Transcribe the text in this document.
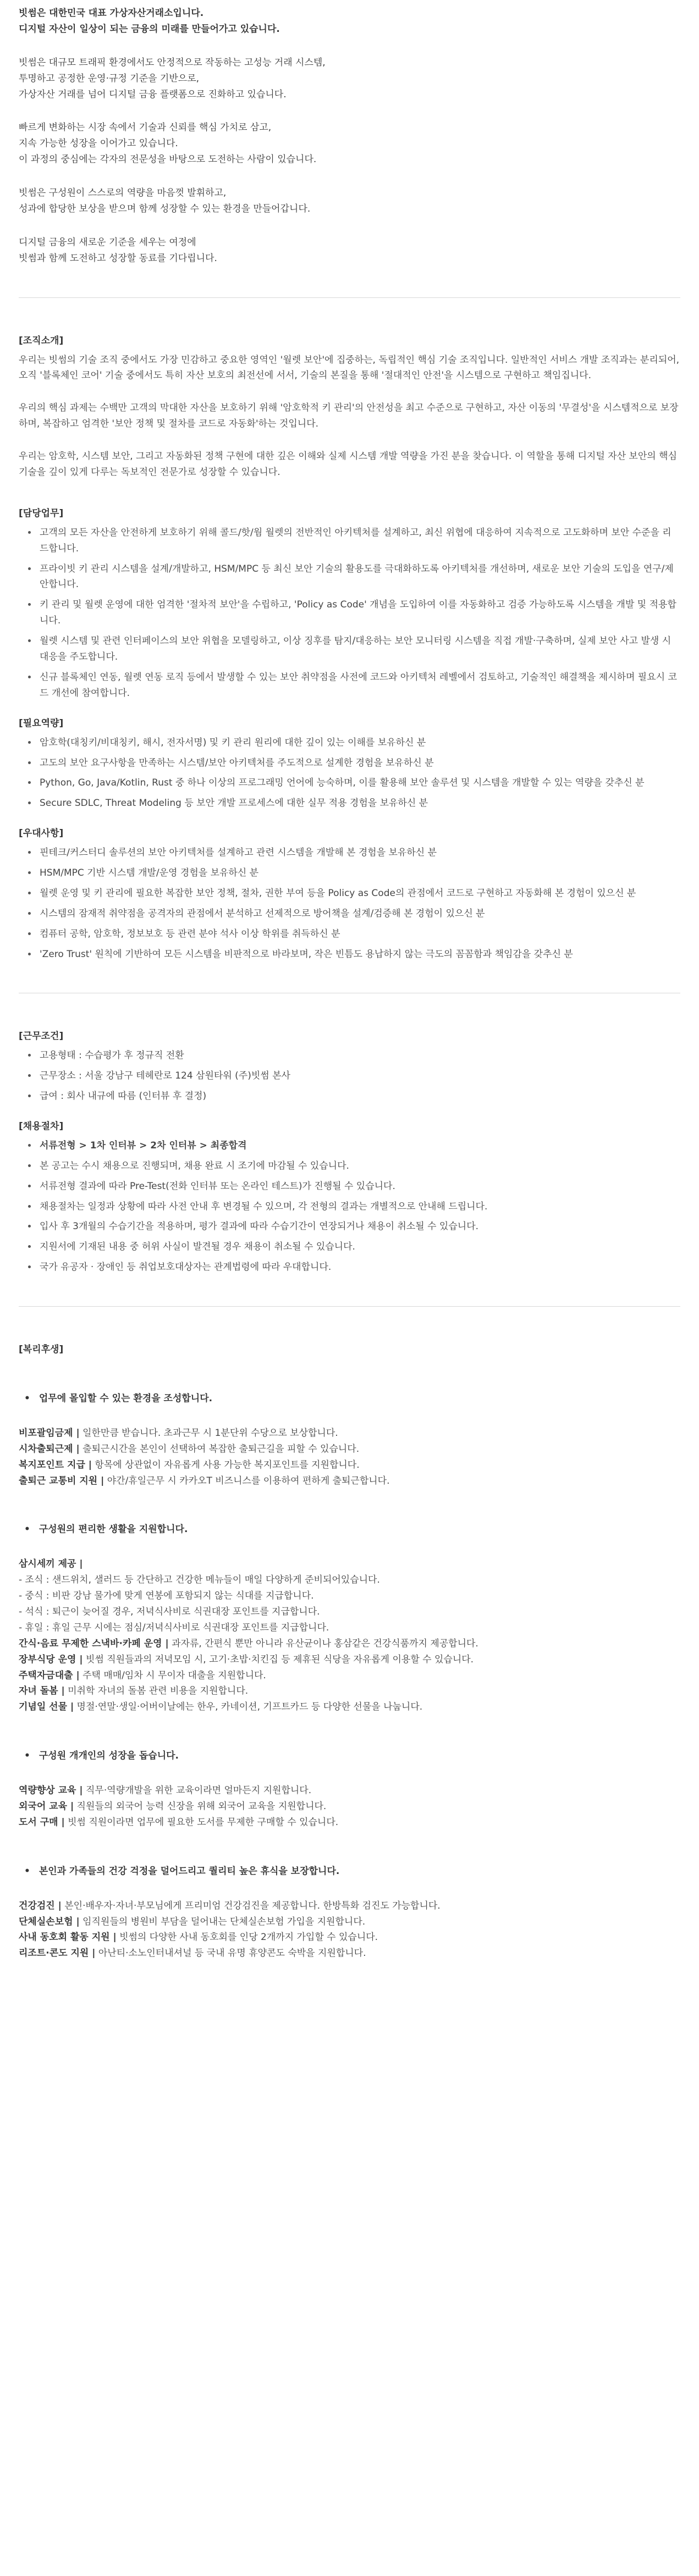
빗썸은 대한민국 대표 가상자산거래소입니다.
디지털 자산이 일상이 되는 금융의 미래를 만들어가고 있습니다.

빗썸은 대규모 트래픽 환경에서도 안정적으로 작동하는 고성능 거래 시스템,
투명하고 공정한 운영·규정 기준을 기반으로,
가상자산 거래를 넘어 디지털 금융 플랫폼으로 진화하고 있습니다.

빠르게 변화하는 시장 속에서 기술과 신뢰를 핵심 가치로 삼고,
지속 가능한 성장을 이어가고 있습니다.
이 과정의 중심에는 각자의 전문성을 바탕으로 도전하는 사람이 있습니다.

빗썸은 구성원이 스스로의 역량을 마음껏 발휘하고,
성과에 합당한 보상을 받으며 함께 성장할 수 있는 환경을 만들어갑니다.

디지털 금융의 새로운 기준을 세우는 여정에
빗썸과 함께 도전하고 성장할 동료를 기다립니다.

[조직소개]

우리는 빗썸의 기술 조직 중에서도 가장 민감하고 중요한 영역인 '월렛 보안'에 집중하는, 독립적인 핵심 기술 조직입니다. 일반적인 서비스 개발 조직과는 분리되어, 오직 '블록체인 코어' 기술 중에서도 특히 자산 보호의 최전선에 서서, 기술의 본질을 통해 '절대적인 안전'을 시스템으로 구현하고 책임집니다.

우리의 핵심 과제는 수백만 고객의 막대한 자산을 보호하기 위해 '암호학적 키 관리'의 안전성을 최고 수준으로 구현하고, 자산 이동의 '무결성'을 시스템적으로 보장하며, 복잡하고 엄격한 '보안 정책 및 절차를 코드로 자동화'하는 것입니다.

우리는 암호학, 시스템 보안, 그리고 자동화된 정책 구현에 대한 깊은 이해와 실제 시스템 개발 역량을 가진 분을 찾습니다. 이 역할을 통해 디지털 자산 보안의 핵심 기술을 깊이 있게 다루는 독보적인 전문가로 성장할 수 있습니다.

[담당업무]
• 고객의 모든 자산을 안전하게 보호하기 위해 콜드/핫/웜 월렛의 전반적인 아키텍처를 설계하고, 최신 위협에 대응하여 지속적으로 고도화하며 보안 수준을 리드합니다.
• 프라이빗 키 관리 시스템을 설계/개발하고, HSM/MPC 등 최신 보안 기술의 활용도를 극대화하도록 아키텍처를 개선하며, 새로운 보안 기술의 도입을 연구/제안합니다.
• 키 관리 및 월렛 운영에 대한 엄격한 '절차적 보안'을 수립하고, 'Policy as Code' 개념을 도입하여 이를 자동화하고 검증 가능하도록 시스템을 개발 및 적용합니다.
• 월렛 시스템 및 관련 인터페이스의 보안 위협을 모델링하고, 이상 징후를 탐지/대응하는 보안 모니터링 시스템을 직접 개발·구축하며, 실제 보안 사고 발생 시 대응을 주도합니다.
• 신규 블록체인 연동, 월렛 연동 로직 등에서 발생할 수 있는 보안 취약점을 사전에 코드와 아키텍처 레벨에서 검토하고, 기술적인 해결책을 제시하며 필요시 코드 개선에 참여합니다.
[필요역량]
• 암호학(대칭키/비대칭키, 해시, 전자서명) 및 키 관리 원리에 대한 깊이 있는 이해를 보유하신 분
• 고도의 보안 요구사항을 만족하는 시스템/보안 아키텍처를 주도적으로 설계한 경험을 보유하신 분
• Python, Go, Java/Kotlin, Rust 중 하나 이상의 프로그래밍 언어에 능숙하며, 이를 활용해 보안 솔루션 및 시스템을 개발할 수 있는 역량을 갖추신 분
• Secure SDLC, Threat Modeling 등 보안 개발 프로세스에 대한 실무 적용 경험을 보유하신 분
[우대사항]
• 핀테크/커스터디 솔루션의 보안 아키텍처를 설계하고 관련 시스템을 개발해 본 경험을 보유하신 분
• HSM/MPC 기반 시스템 개발/운영 경험을 보유하신 분
• 월렛 운영 및 키 관리에 필요한 복잡한 보안 정책, 절차, 권한 부여 등을 Policy as Code의 관점에서 코드로 구현하고 자동화해 본 경험이 있으신 분
• 시스템의 잠재적 취약점을 공격자의 관점에서 분석하고 선제적으로 방어책을 설계/검증해 본 경험이 있으신 분
• 컴퓨터 공학, 암호학, 정보보호 등 관련 분야 석사 이상 학위를 취득하신 분
• 'Zero Trust' 원칙에 기반하여 모든 시스템을 비판적으로 바라보며, 작은 빈틈도 용납하지 않는 극도의 꼼꼼함과 책임감을 갖추신 분
[근무조건]
• 고용형태 : 수습평가 후 정규직 전환
• 근무장소 : 서울 강남구 테헤란로 124 삼원타워 (주)빗썸 본사
• 급여 : 회사 내규에 따름 (인터뷰 후 결정)
[채용절차]
• 서류전형 > 1차 인터뷰 > 2차 인터뷰 > 최종합격
• 본 공고는 수시 채용으로 진행되며, 채용 완료 시 조기에 마감될 수 있습니다.
• 서류전형 결과에 따라 Pre-Test(전화 인터뷰 또는 온라인 테스트)가 진행될 수 있습니다.
• 채용절차는 일정과 상황에 따라 사전 안내 후 변경될 수 있으며, 각 전형의 결과는 개별적으로 안내해 드립니다.
• 입사 후 3개월의 수습기간을 적용하며, 평가 결과에 따라 수습기간이 연장되거나 채용이 취소될 수 있습니다.
• 지원서에 기재된 내용 중 허위 사실이 발견될 경우 채용이 취소될 수 있습니다.
• 국가 유공자 · 장애인 등 취업보호대상자는 관계법령에 따라 우대합니다.
[복리후생]
• 업무에 몰입할 수 있는 환경을 조성합니다.

비포괄임금제 | 일한만큼 받습니다. 초과근무 시 1분단위 수당으로 보상합니다.

시차출퇴근제 | 출퇴근시간을 본인이 선택하여 복잡한 출퇴근길을 피할 수 있습니다.

복지포인트 지급 | 항목에 상관없이 자유롭게 사용 가능한 복지포인트를 지원합니다.

출퇴근 교통비 지원 | 야간/휴일근무 시 카카오T 비즈니스를 이용하여 편하게 출퇴근합니다.

• 구성원의 편리한 생활을 지원합니다.

삼시세끼 제공 |

- 조식 : 샌드위치, 샐러드 등 간단하고 건강한 메뉴들이 매일 다양하게 준비되어있습니다.

- 중식 : 비판 강남 물가에 맞게 연봉에 포함되지 않는 식대를 지급합니다.

- 석식 : 퇴근이 늦어질 경우, 저녁식사비로 식권대장 포인트를 지급합니다.

- 휴일 : 휴일 근무 시에는 점심/저녁식사비로 식권대장 포인트를 지급합니다.

간식·음료 무제한 스낵바·카페 운영 | 과자류, 간편식 뿐만 아니라 유산균이나 홍삼같은 건강식품까지 제공합니다.

장부식당 운영 | 빗썸 직원들과의 저녁모임 시, 고기·초밥·치킨집 등 제휴된 식당을 자유롭게 이용할 수 있습니다.

주택자금대출 | 주택 매매/임차 시 무이자 대출을 지원합니다.

자녀 돌봄 | 미취학 자녀의 돌봄 관련 비용을 지원합니다.

기념일 선물 | 명절·연말·생일·어버이날에는 한우, 카네이션, 기프트카드 등 다양한 선물을 나눕니다.

• 구성원 개개인의 성장을 돕습니다.

역량향상 교육 | 직무·역량개발을 위한 교육이라면 얼마든지 지원합니다.

외국어 교육 | 직원들의 외국어 능력 신장을 위해 외국어 교육을 지원합니다.

도서 구매 | 빗썸 직원이라면 업무에 필요한 도서를 무제한 구매할 수 있습니다.

• 본인과 가족들의 건강 걱정을 덜어드리고 퀄리티 높은 휴식을 보장합니다.

건강검진 | 본인·배우자·자녀·부모님에게 프리미엄 건강검진을 제공합니다. 한방특화 검진도 가능합니다.

단체실손보험 | 임직원들의 병원비 부담을 덜어내는 단체실손보험 가입을 지원합니다.

사내 동호회 활동 지원 | 빗썸의 다양한 사내 동호회를 인당 2개까지 가입할 수 있습니다.

리조트·콘도 지원 | 아난티·소노인터내셔널 등 국내 유명 휴양콘도 숙박을 지원합니다.
